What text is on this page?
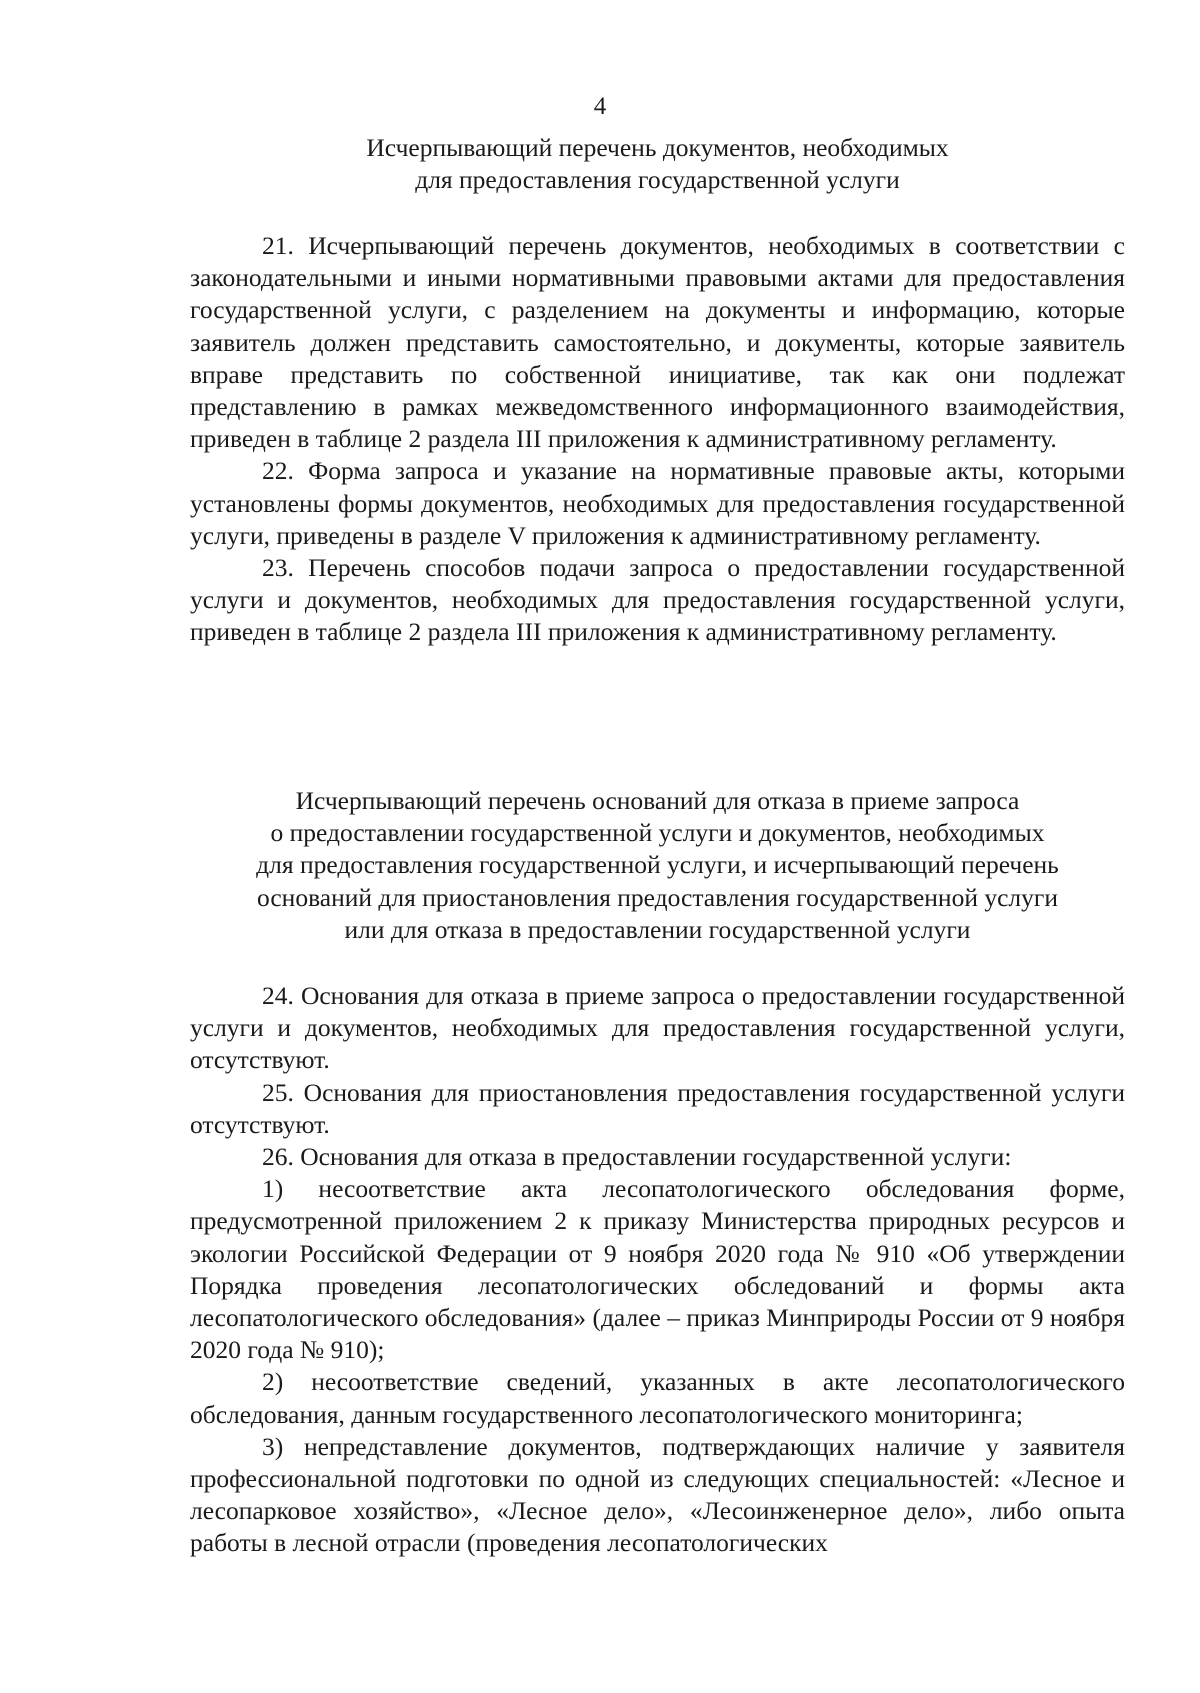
4
Исчерпывающий перечень документов, необходимых
для предоставления государственной услуги

21. Исчерпывающий перечень документов, необходимых в соответствии с законодательными и иными нормативными правовыми актами для предоставления государственной услуги, с разделением на документы и информацию, которые заявитель должен представить самостоятельно, и документы, которые заявитель вправе представить по собственной инициативе, так как они подлежат представлению в рамках межведомственного информационного взаимодействия, приведен в таблице 2 раздела III приложения к административному регламенту.

22. Форма запроса и указание на нормативные правовые акты, которыми установлены формы документов, необходимых для предоставления государственной услуги, приведены в разделе V приложения к административному регламенту.

23. Перечень способов подачи запроса о предоставлении государственной услуги и документов, необходимых для предоставления государственной услуги, приведен в таблице 2 раздела III приложения к административному регламенту.

Исчерпывающий перечень оснований для отказа в приеме запроса
о предоставлении государственной услуги и документов, необходимых
для предоставления государственной услуги, и исчерпывающий перечень
оснований для приостановления предоставления государственной услуги
или для отказа в предоставлении государственной услуги

24. Основания для отказа в приеме запроса о предоставлении государственной услуги и документов, необходимых для предоставления государственной услуги, отсутствуют.

25. Основания для приостановления предоставления государственной услуги отсутствуют.

26. Основания для отказа в предоставлении государственной услуги:

1) несоответствие акта лесопатологического обследования форме, предусмотренной приложением 2 к приказу Министерства природных ресурсов и экологии Российской Федерации от 9 ноября 2020 года № 910 «Об утверждении Порядка проведения лесопатологических обследований и формы акта лесопатологического обследования» (далее – приказ Минприроды России от 9 ноября 2020 года № 910);

2) несоответствие сведений, указанных в акте лесопатологического обследования, данным государственного лесопатологического мониторинга;

3) непредставление документов, подтверждающих наличие у заявителя профессиональной подготовки по одной из следующих специальностей: «Лесное и лесопарковое хозяйство», «Лесное дело», «Лесоинженерное дело», либо опыта работы в лесной отрасли (проведения лесопатологических
